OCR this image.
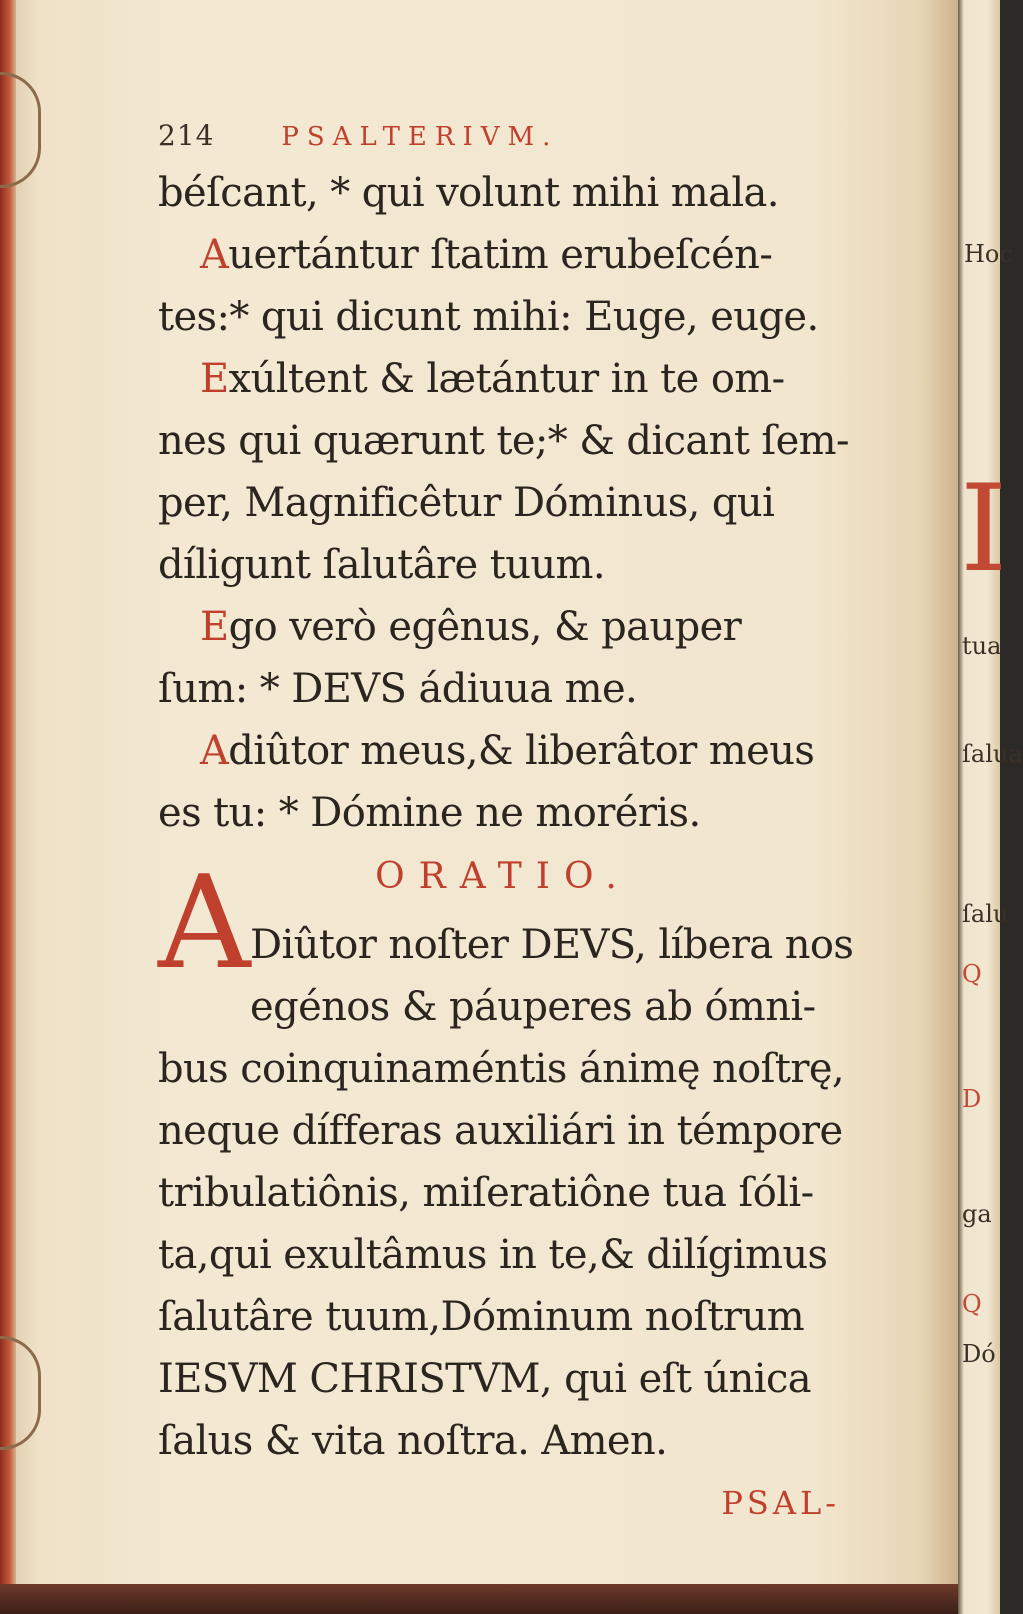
214	PSALTERIVM.
béſcant, * qui volunt mihi mala.
Auertántur ſtatim erubeſcén-
tes:* qui dicunt mihi: Euge, euge.
Exúltent & lætántur in te om-
nes qui quærunt te;* & dicant ſem-
per, Magnificêtur Dóminus, qui
díligunt ſalutâre tuum.
Ego verò egênus, & pauper
ſum: * DEVS ádiuua me.
Adiûtor meus,& liberâtor meus
es tu: * Dómine ne moréris.
ORATIO.
Diûtor noſter DEVS, líbera nos
egénos & páuperes ab ómni-
bus coinquinaméntis ánimę noſtrę,
neque dífferas auxiliári in témpore
tribulatiônis, miſeratiône tua ſóli-
ta,qui exultâmus in te,& dilígimus
ſalutâre tuum,Dóminum noſtrum
IESVM CHRISTVM, qui eſt única
ſalus & vita noſtra. Amen.
PSAL-
A
Hoc
I
tua
ſalua
ſalu
Q
D
ga
Q
Dó
